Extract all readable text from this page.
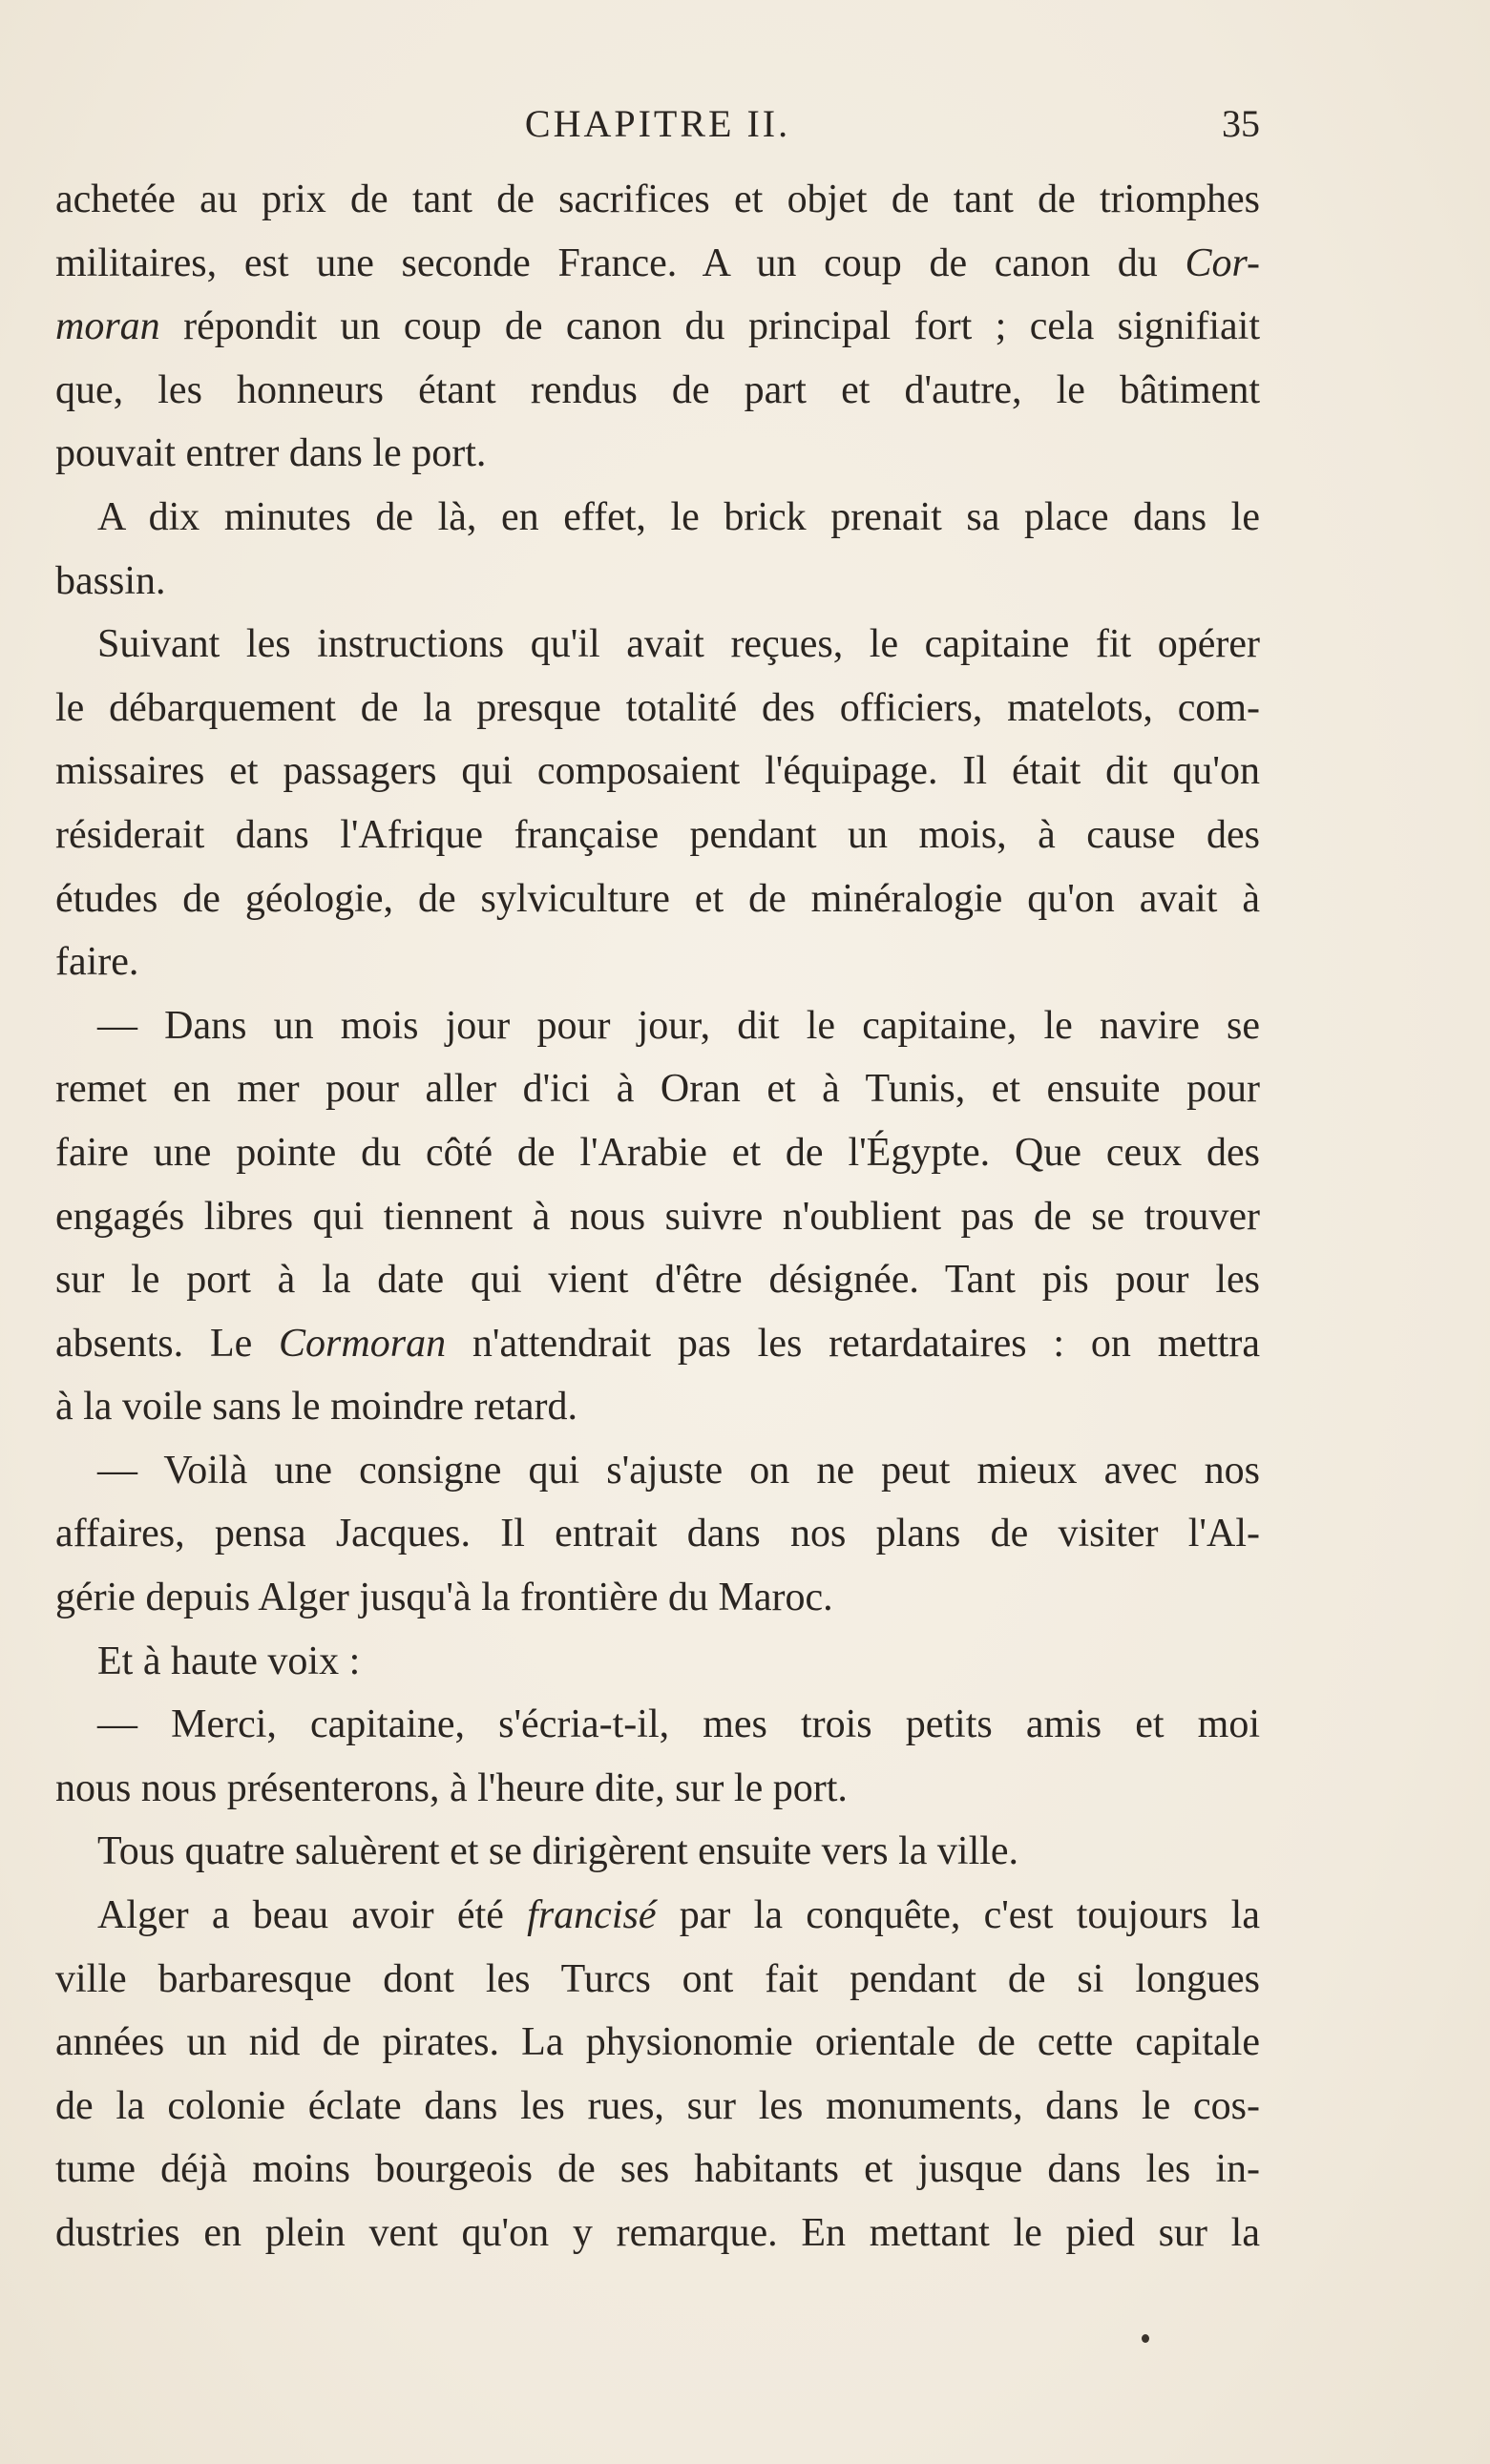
CHAPITRE II.	35
achetée au prix de tant de sacrifices et objet de tant de triomphes
militaires, est une seconde France. A un coup de canon du Cor-
moran répondit un coup de canon du principal fort ; cela signifiait
que, les honneurs étant rendus de part et d'autre, le bâtiment
pouvait entrer dans le port.
A dix minutes de là, en effet, le brick prenait sa place dans le
bassin.
Suivant les instructions qu'il avait reçues, le capitaine fit opérer
le débarquement de la presque totalité des officiers, matelots, com-
missaires et passagers qui composaient l'équipage. Il était dit qu'on
résiderait dans l'Afrique française pendant un mois, à cause des
études de géologie, de sylviculture et de minéralogie qu'on avait à
faire.
— Dans un mois jour pour jour, dit le capitaine, le navire se
remet en mer pour aller d'ici à Oran et à Tunis, et ensuite pour
faire une pointe du côté de l'Arabie et de l'Égypte. Que ceux des
engagés libres qui tiennent à nous suivre n'oublient pas de se trouver
sur le port à la date qui vient d'être désignée. Tant pis pour les
absents. Le Cormoran n'attendrait pas les retardataires : on mettra
à la voile sans le moindre retard.
— Voilà une consigne qui s'ajuste on ne peut mieux avec nos
affaires, pensa Jacques. Il entrait dans nos plans de visiter l'Al-
gérie depuis Alger jusqu'à la frontière du Maroc.
Et à haute voix :
— Merci, capitaine, s'écria-t-il, mes trois petits amis et moi
nous nous présenterons, à l'heure dite, sur le port.
Tous quatre saluèrent et se dirigèrent ensuite vers la ville.
Alger a beau avoir été francisé par la conquête, c'est toujours la
ville barbaresque dont les Turcs ont fait pendant de si longues
années un nid de pirates. La physionomie orientale de cette capitale
de la colonie éclate dans les rues, sur les monuments, dans le cos-
tume déjà moins bourgeois de ses habitants et jusque dans les in-
dustries en plein vent qu'on y remarque. En mettant le pied sur la
